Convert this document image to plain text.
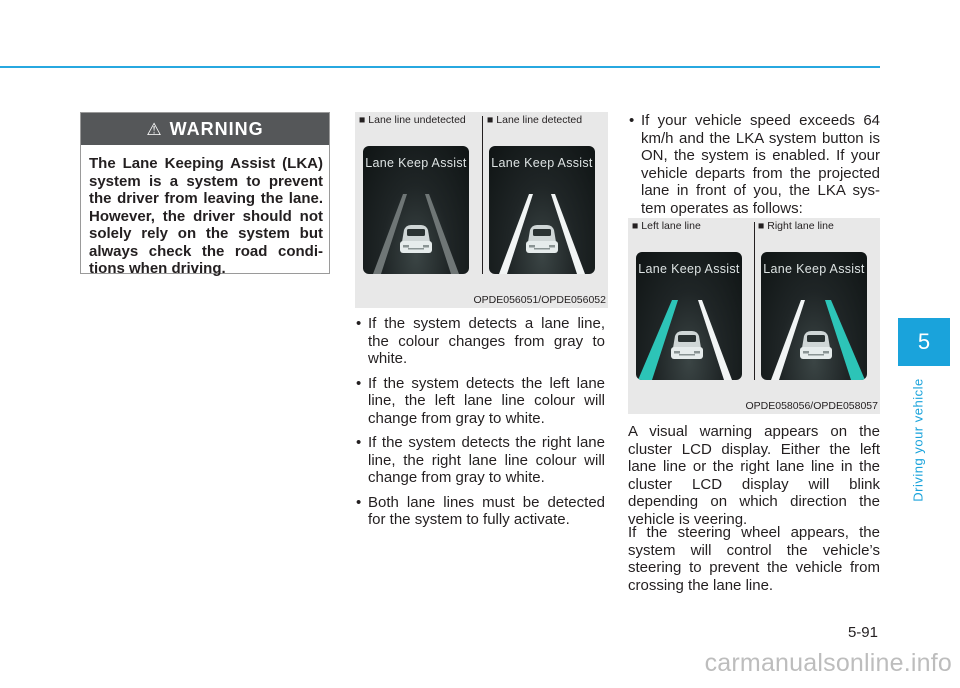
⚠ WARNING
The Lane Keeping Assist (LKA) system is a system to prevent the driver from leaving the lane. However, the driver should not solely rely on the system but always check the road condi-tions when driving.
■ Lane line undetected ■ Lane line detected
Lane Keep Assist Lane Keep Assist
OPDE056051/OPDE056052
• If the system detects a lane line, the colour changes from gray to white.
• If the system detects the left lane line, the left lane line colour will change from gray to white.
• If the system detects the right lane line, the right lane line colour will change from gray to white.
• Both lane lines must be detected for the system to fully activate.
• If your vehicle speed exceeds 64 km/h and the LKA system button is ON, the system is enabled. If your vehicle departs from the projected lane in front of you, the LKA sys-tem operates as follows:
■ Left lane line	■ Right lane line
Lane Keep Assist Lane Keep Assist
OPDE058056/OPDE058057

A visual warning appears on the cluster LCD display. Either the left lane line or the right lane line in the cluster LCD display will blink depending on which direction the vehicle is veering.

If the steering wheel appears, the system will control the vehicle’s steering to prevent the vehicle from crossing the lane line.

5
Driving your vehicle
5-91
carmanualsonline.info
